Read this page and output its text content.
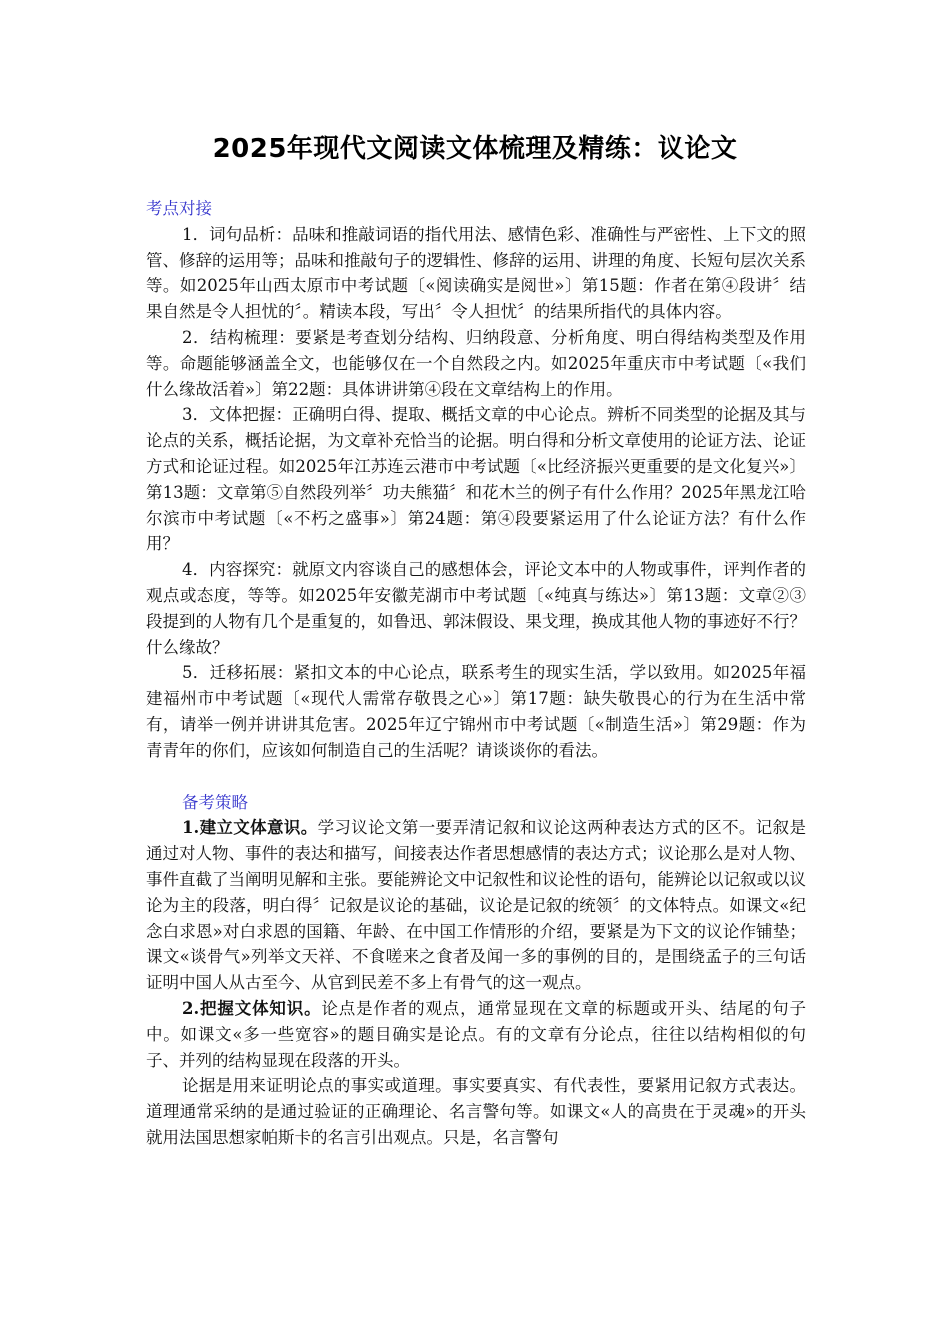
2025年现代文阅读文体梳理及精练：议论文
考点对接

1．词句品析：品味和推敲词语的指代用法、感情色彩、准确性与严密性、上下文的照管、修辞的运用等；品味和推敲句子的逻辑性、修辞的运用、讲理的角度、长短句层次关系等。如2025年山西太原市中考试题〔«阅读确实是阅世»〕第15题：作者在第④段讲〞结果自然是令人担忧的〞。精读本段，写出〞令人担忧〞的结果所指代的具体内容。

2．结构梳理：要紧是考查划分结构、归纳段意、分析角度、明白得结构类型及作用等。命题能够涵盖全文，也能够仅在一个自然段之内。如2025年重庆市中考试题〔«我们什么缘故活着»〕第22题：具体讲讲第④段在文章结构上的作用。

3．文体把握：正确明白得、提取、概括文章的中心论点。辨析不同类型的论据及其与论点的关系，概括论据，为文章补充恰当的论据。明白得和分析文章使用的论证方法、论证方式和论证过程。如2025年江苏连云港市中考试题〔«比经济振兴更重要的是文化复兴»〕第13题：文章第⑤自然段列举〞功夫熊猫〞和花木兰的例子有什么作用？2025年黑龙江哈尔滨市中考试题〔«不朽之盛事»〕第24题：第④段要紧运用了什么论证方法？有什么作用？

4．内容探究：就原文内容谈自己的感想体会，评论文本中的人物或事件，评判作者的观点或态度，等等。如2025年安徽芜湖市中考试题〔«纯真与练达»〕第13题：文章②③段提到的人物有几个是重复的，如鲁迅、郭沫假设、果戈理，换成其他人物的事迹好不行？什么缘故？

5．迁移拓展：紧扣文本的中心论点，联系考生的现实生活，学以致用。如2025年福建福州市中考试题〔«现代人需常存敬畏之心»〕第17题：缺失敬畏心的行为在生活中常有，请举一例并讲讲其危害。2025年辽宁锦州市中考试题〔«制造生活»〕第29题：作为青青年的你们，应该如何制造自己的生活呢？请谈谈你的看法。

备考策略

1.建立文体意识。学习议论文第一要弄清记叙和议论这两种表达方式的区不。记叙是通过对人物、事件的表达和描写，间接表达作者思想感情的表达方式；议论那么是对人物、事件直截了当阐明见解和主张。要能辨论文中记叙性和议论性的语句，能辨论以记叙或以议论为主的段落，明白得〞记叙是议论的基础，议论是记叙的统领〞的文体特点。如课文«纪念白求恩»对白求恩的国籍、年龄、在中国工作情形的介绍，要紧是为下文的议论作铺垫；课文«谈骨气»列举文天祥、不食嗟来之食者及闻一多的事例的目的，是围绕孟子的三句话证明中国人从古至今、从官到民差不多上有骨气的这一观点。

2.把握文体知识。论点是作者的观点，通常显现在文章的标题或开头、结尾的句子中。如课文«多一些宽容»的题目确实是论点。有的文章有分论点，往往以结构相似的句子、并列的结构显现在段落的开头。

论据是用来证明论点的事实或道理。事实要真实、有代表性，要紧用记叙方式表达。道理通常采纳的是通过验证的正确理论、名言警句等。如课文«人的高贵在于灵魂»的开头就用法国思想家帕斯卡的名言引出观点。只是，名言警句
